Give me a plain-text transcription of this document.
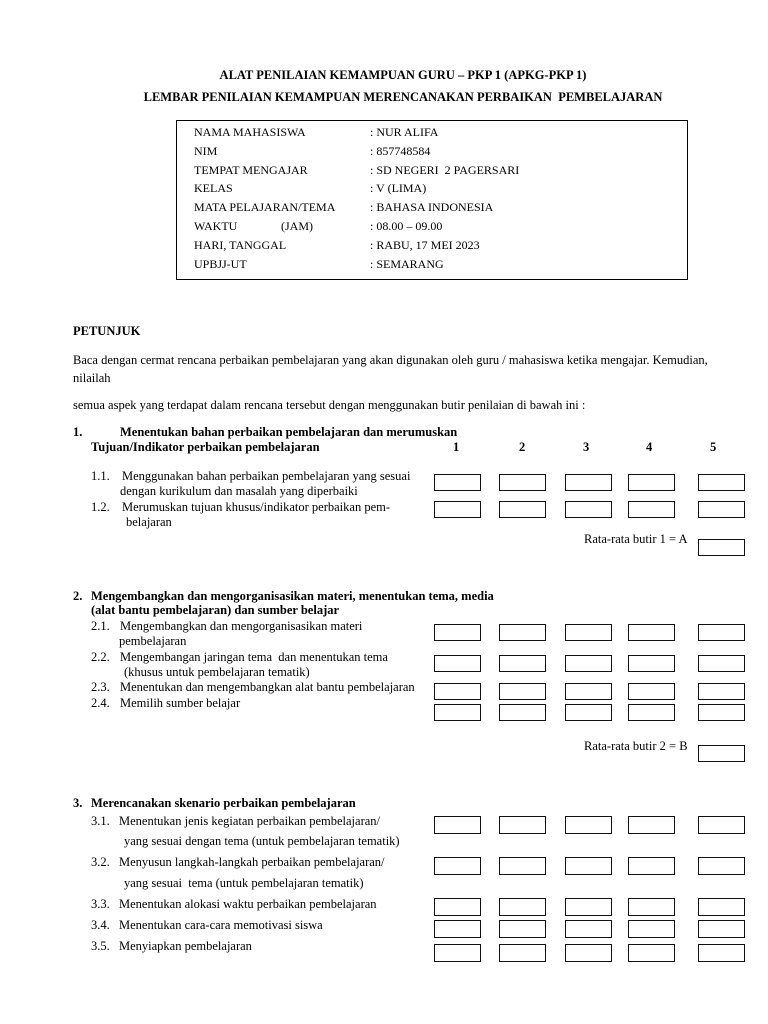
ALAT PENILAIAN KEMAMPUAN GURU – PKP 1 (APKG-PKP 1)
LEMBAR PENILAIAN KEMAMPUAN MERENCANAKAN PERBAIKAN  PEMBELAJARAN
NAMA MAHASISWA	: NUR ALIFA
NIM	: 857748584
TEMPAT MENGAJAR	: SD NEGERI  2 PAGERSARI
KELAS	: V (LIMA)
MATA PELAJARAN/TEMA	: BAHASA INDONESIA
WAKTU	(JAM)	: 08.00 – 09.00
HARI, TANGGAL	: RABU, 17 MEI 2023
UPBJJ-UT	: SEMARANG
PETUNJUK
Baca dengan cermat rencana perbaikan pembelajaran yang akan digunakan oleh guru / mahasiswa ketika mengajar. Kemudian,
nilailah
semua aspek yang terdapat dalam rencana tersebut dengan menggunakan butir penilaian di bawah ini :
1.	Menentukan bahan perbaikan pembelajaran dan merumuskan
Tujuan/Indikator perbaikan pembelajaran	1	2	3	4	5
1.1. Menggunakan bahan perbaikan pembelajaran yang sesuai
dengan kurikulum dan masalah yang diperbaiki
1.2. Merumuskan tujuan khusus/indikator perbaikan pem-
belajaran
Rata-rata butir 1 = A
2. Mengembangkan dan mengorganisasikan materi, menentukan tema, media
(alat bantu pembelajaran) dan sumber belajar
2.1. Mengembangkan dan mengorganisasikan materi
pembelajaran
2.2. Mengembangan jaringan tema  dan menentukan tema
(khusus untuk pembelajaran tematik)
2.3. Menentukan dan mengembangkan alat bantu pembelajaran
2.4. Memilih sumber belajar
Rata-rata butir 2 = B
3. Merencanakan skenario perbaikan pembelajaran
3.1. Menentukan jenis kegiatan perbaikan pembelajaran/
yang sesuai dengan tema (untuk pembelajaran tematik)
3.2. Menyusun langkah-langkah perbaikan pembelajaran/
yang sesuai  tema (untuk pembelajaran tematik)
3.3. Menentukan alokasi waktu perbaikan pembelajaran
3.4. Menentukan cara-cara memotivasi siswa
3.5. Menyiapkan pembelajaran
